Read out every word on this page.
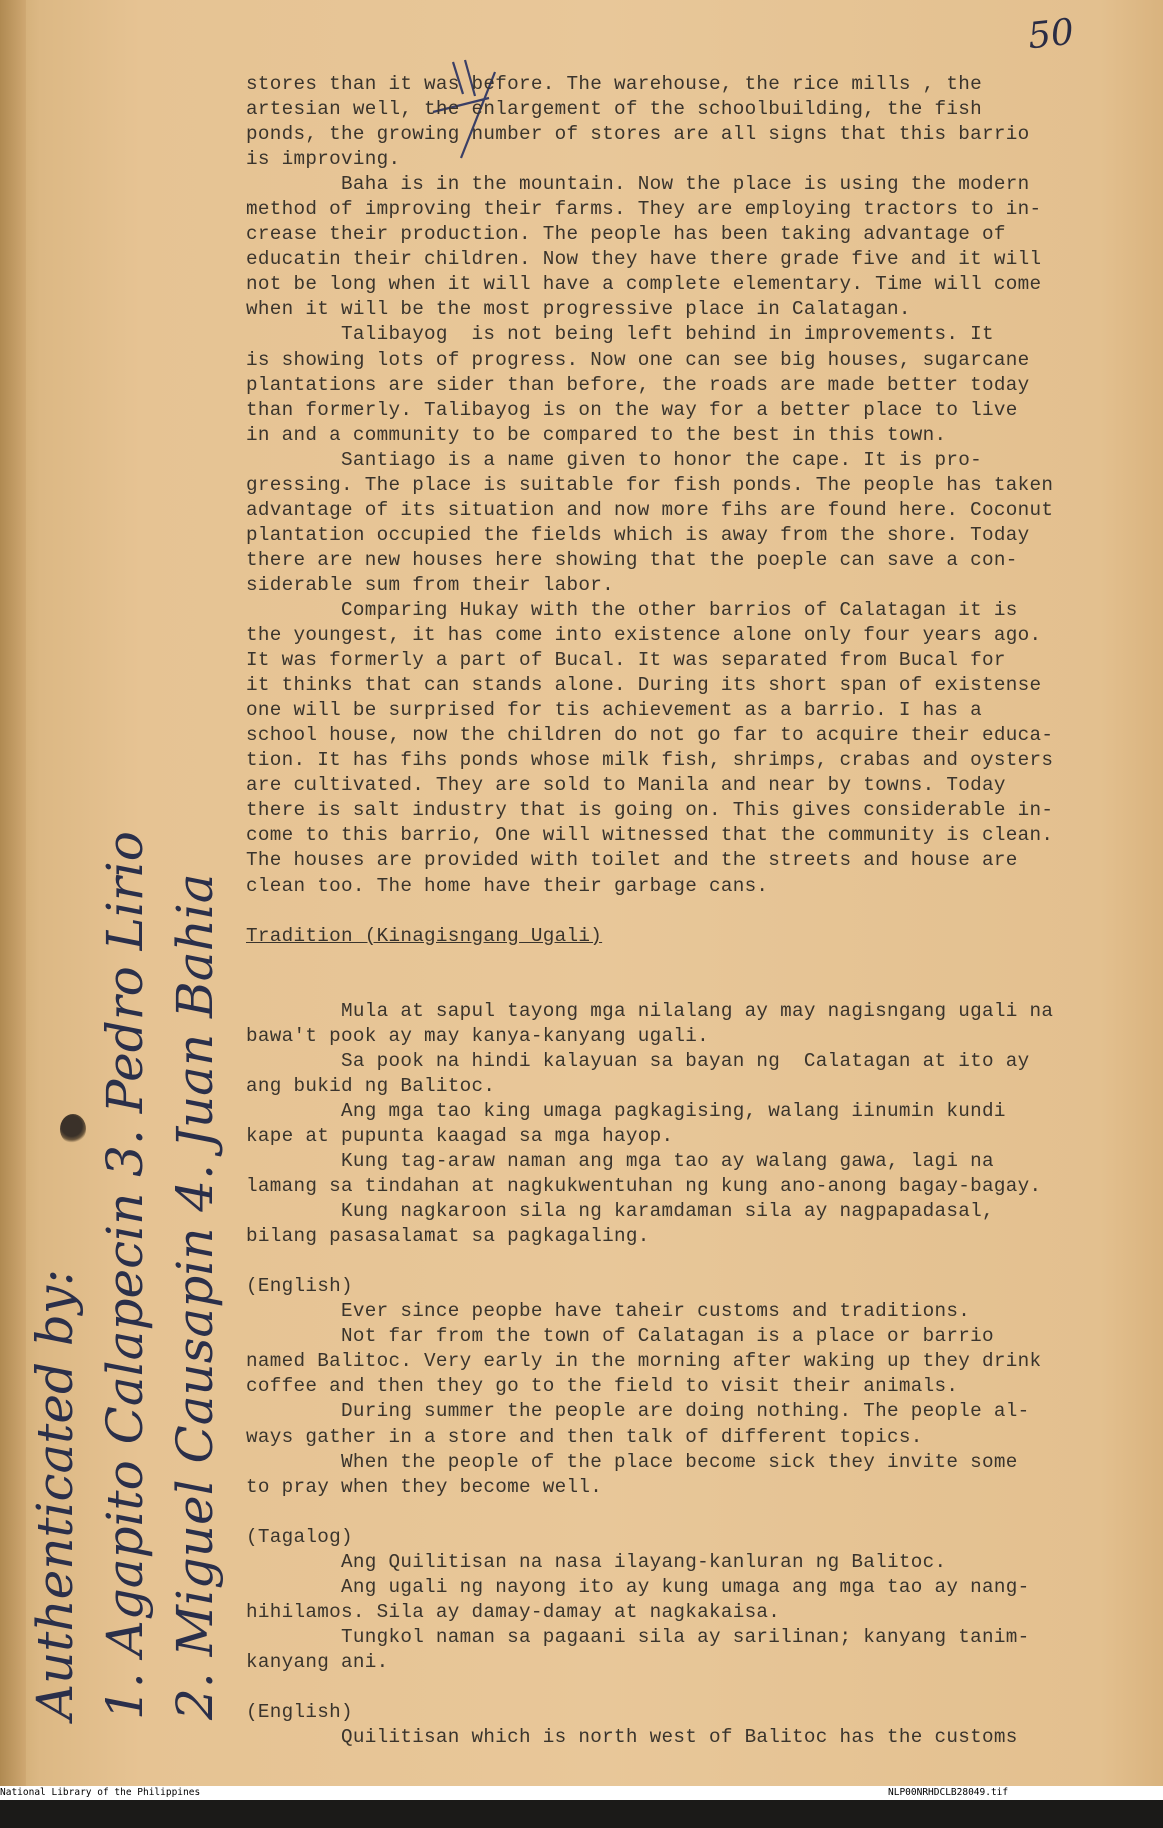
50
stores than it was before. The warehouse, the rice mills , the
artesian well, the enlargement of the schoolbuilding, the fish
ponds, the growing number of stores are all signs that this barrio
is improving.
Baha is in the mountain. Now the place is using the modern
method of improving their farms. They are employing tractors to in-
crease their production. The people has been taking advantage of
educatin their children. Now they have there grade five and it will
not be long when it will have a complete elementary. Time will come
when it will be the most progressive place in Calatagan.
Talibayog  is not being left behind in improvements. It
is showing lots of progress. Now one can see big houses, sugarcane
plantations are sider than before, the roads are made better today
than formerly. Talibayog is on the way for a better place to live
in and a community to be compared to the best in this town.
Santiago is a name given to honor the cape. It is pro-
gressing. The place is suitable for fish ponds. The people has taken
advantage of its situation and now more fihs are found here. Coconut
plantation occupied the fields which is away from the shore. Today
there are new houses here showing that the poeple can save a con-
siderable sum from their labor.
Comparing Hukay with the other barrios of Calatagan it is
the youngest, it has come into existence alone only four years ago.
It was formerly a part of Bucal. It was separated from Bucal for
it thinks that can stands alone. During its short span of existense
one will be surprised for tis achievement as a barrio. I has a
school house, now the children do not go far to acquire their educa-
tion. It has fihs ponds whose milk fish, shrimps, crabas and oysters
are cultivated. They are sold to Manila and near by towns. Today
there is salt industry that is going on. This gives considerable in-
come to this barrio, One will witnessed that the community is clean.
The houses are provided with toilet and the streets and house are
clean too. The home have their garbage cans.
Tradition (Kinagisngang Ugali)
Mula at sapul tayong mga nilalang ay may nagisngang ugali na
bawa't pook ay may kanya-kanyang ugali.
Sa pook na hindi kalayuan sa bayan ng  Calatagan at ito ay
ang bukid ng Balitoc.
Ang mga tao king umaga pagkagising, walang iinumin kundi
kape at pupunta kaagad sa mga hayop.
Kung tag-araw naman ang mga tao ay walang gawa, lagi na
lamang sa tindahan at nagkukwentuhan ng kung ano-anong bagay-bagay.
Kung nagkaroon sila ng karamdaman sila ay nagpapadasal,
bilang pasasalamat sa pagkagaling.
(English)
Ever since peopbe have taheir customs and traditions.
Not far from the town of Calatagan is a place or barrio
named Balitoc. Very early in the morning after waking up they drink
coffee and then they go to the field to visit their animals.
During summer the people are doing nothing. The people al-
ways gather in a store and then talk of different topics.
When the people of the place become sick they invite some
to pray when they become well.
(Tagalog)
Ang Quilitisan na nasa ilayang-kanluran ng Balitoc.
Ang ugali ng nayong ito ay kung umaga ang mga tao ay nang-
hihilamos. Sila ay damay-damay at nagkakaisa.
Tungkol naman sa pagaani sila ay sarilinan; kanyang tanim-
kanyang ani.
(English)
Quilitisan which is north west of Balitoc has the customs
Authenticated by: 1. Agapito Calapecin 3. Pedro Lirio 2. Miguel Causapin 4. Juan Bahia

National Library of the Philippines

	NLP00NRHDCLB28049.tif
